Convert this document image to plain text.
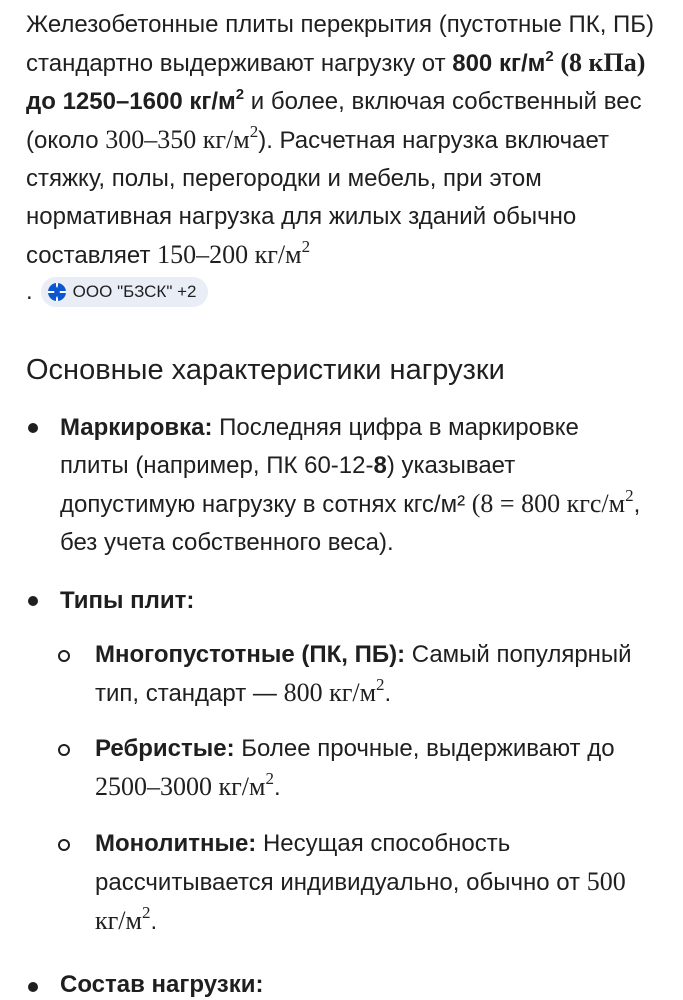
Железобетонные плиты перекрытия (пустотные ПК, ПБ) стандартно выдерживают нагрузку от 800 $кг/м^2$ (8 кПа) до 1250–1600 $кг/м^2$ и более, включая собственный вес (около 300–350 $кг/м^2$). Расчетная нагрузка включает стяжку, полы, перегородки и мебель, при этом нормативная нагрузка для жилых зданий обычно составляет 150–200 $кг/м^2$

. ООО "БЗСК" +2
Основные характеристики нагрузки

Маркировка: Последняя цифра в маркировке плиты (например, ПК 60-12-8) указывает допустимую нагрузку в сотнях кгс/м² (8 = 800 кгс/$м^2$, без учета собственного веса).

Типы плит:

Многопустотные (ПК, ПБ): Самый популярный тип, стандарт — 800 $кг/м^2$.

Ребристые: Более прочные, выдерживают до 2500–3000 $кг/м^2$.

Монолитные: Несущая способность рассчитывается индивидуально, обычно от 500 $кг/м^2$.

Состав нагрузки:
